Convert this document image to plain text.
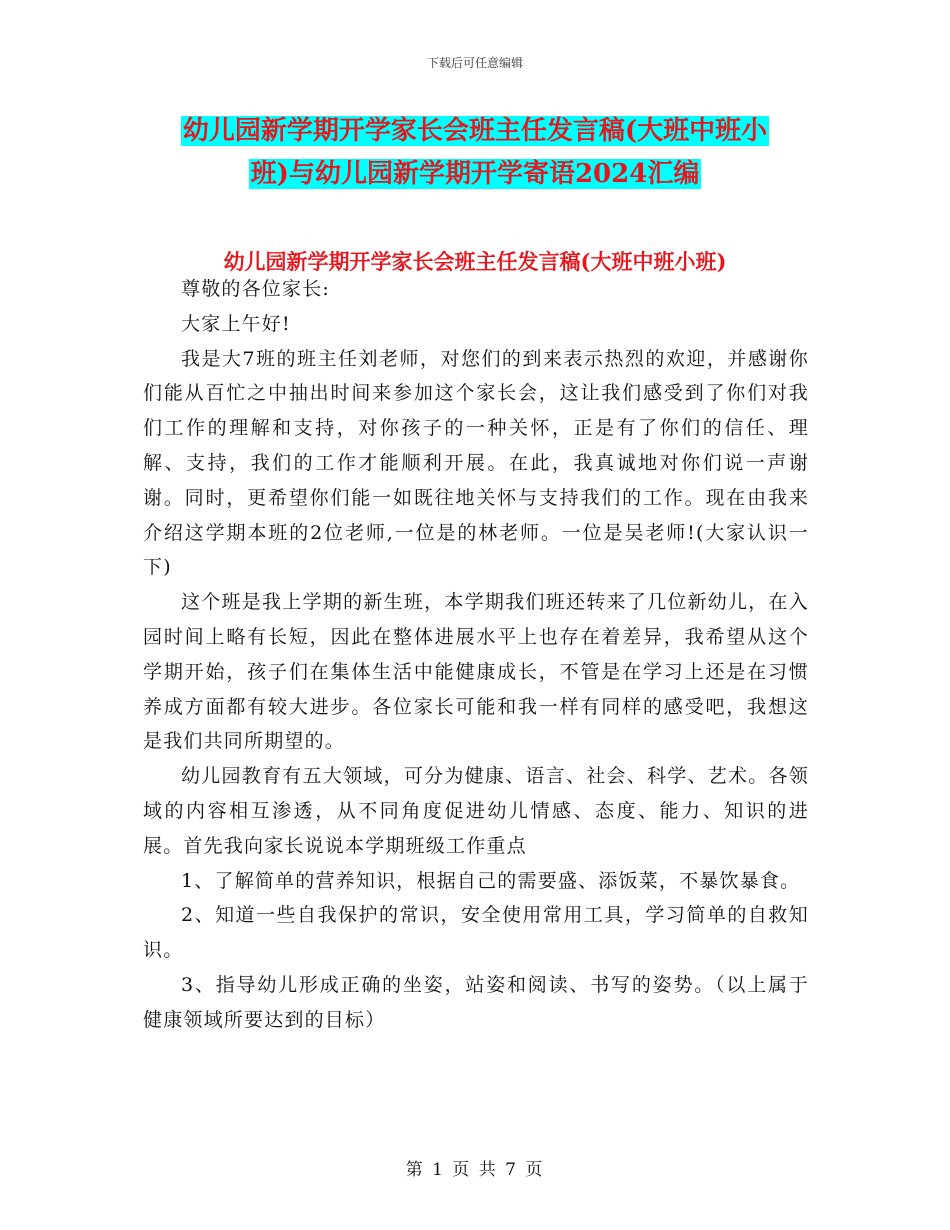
下载后可任意编辑
幼儿园新学期开学家长会班主任发言稿(大班中班小
班)与幼儿园新学期开学寄语2024汇编
幼儿园新学期开学家长会班主任发言稿(大班中班小班)

尊敬的各位家长:

大家上午好!

我是大7班的班主任刘老师，对您们的到来表示热烈的欢迎，并感谢你们能从百忙之中抽出时间来参加这个家长会，这让我们感受到了你们对我们工作的理解和支持，对你孩子的一种关怀，正是有了你们的信任、理解、支持，我们的工作才能顺利开展。在此，我真诚地对你们说一声谢谢。同时，更希望你们能一如既往地关怀与支持我们的工作。现在由我来介绍这学期本班的2位老师,一位是的林老师。一位是吴老师!(大家认识一下)

这个班是我上学期的新生班，本学期我们班还转来了几位新幼儿，在入园时间上略有长短，因此在整体进展水平上也存在着差异，我希望从这个学期开始，孩子们在集体生活中能健康成长，不管是在学习上还是在习惯养成方面都有较大进步。各位家长可能和我一样有同样的感受吧，我想这是我们共同所期望的。

幼儿园教育有五大领域，可分为健康、语言、社会、科学、艺术。各领域的内容相互渗透，从不同角度促进幼儿情感、态度、能力、知识的进展。首先我向家长说说本学期班级工作重点

1、了解简单的营养知识，根据自己的需要盛、添饭菜，不暴饮暴食。

2、知道一些自我保护的常识，安全使用常用工具，学习简单的自救知识。

3、指导幼儿形成正确的坐姿，站姿和阅读、书写的姿势。（以上属于健康领域所要达到的目标）

第 1 页 共 7 页
